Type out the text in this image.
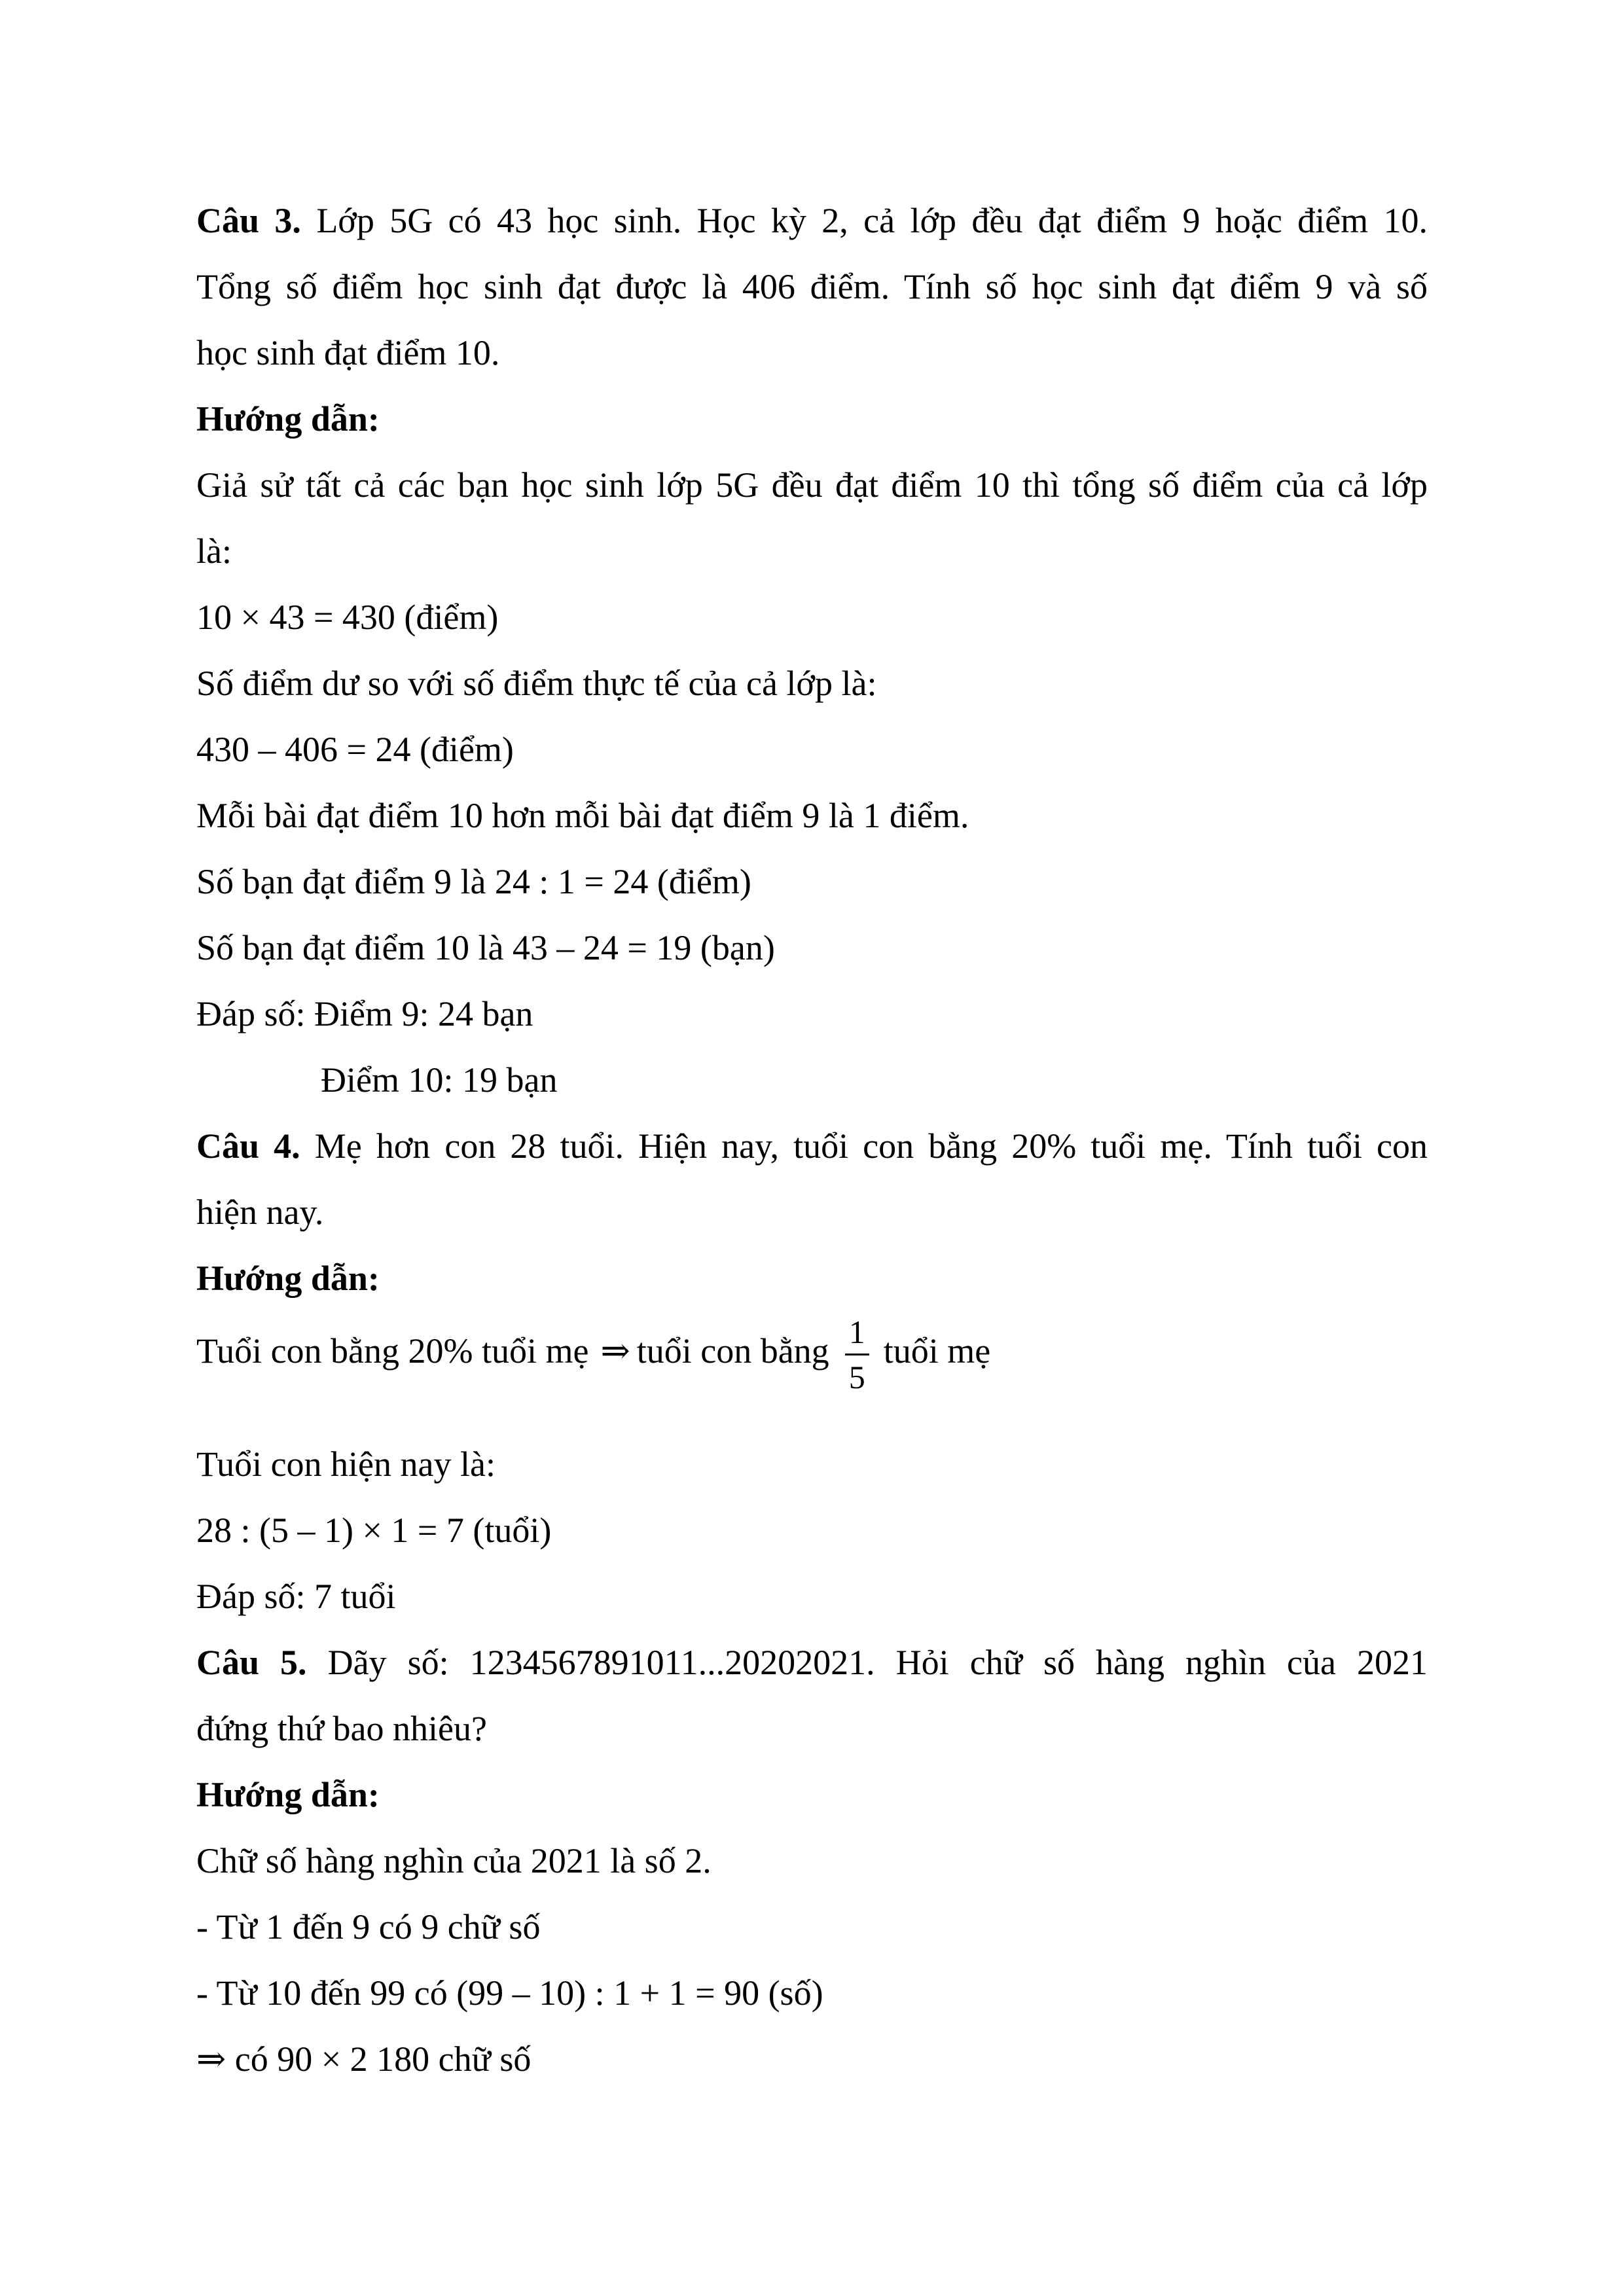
Câu 3. Lớp 5G có 43 học sinh. Học kỳ 2, cả lớp đều đạt điểm 9 hoặc điểm 10.
Tổng số điểm học sinh đạt được là 406 điểm. Tính số học sinh đạt điểm 9 và số
học sinh đạt điểm 10.
Hướng dẫn:
Giả sử tất cả các bạn học sinh lớp 5G đều đạt điểm 10 thì tổng số điểm của cả lớp
là:
10 × 43 = 430 (điểm)
Số điểm dư so với số điểm thực tế của cả lớp là:
430 – 406 = 24 (điểm)
Mỗi bài đạt điểm 10 hơn mỗi bài đạt điểm 9 là 1 điểm.
Số bạn đạt điểm 9 là 24 : 1 = 24 (điểm)
Số bạn đạt điểm 10 là 43 – 24 = 19 (bạn)
Đáp số: Điểm 9: 24 bạn
Điểm 10: 19 bạn
Câu 4. Mẹ hơn con 28 tuổi. Hiện nay, tuổi con bằng 20% tuổi mẹ. Tính tuổi con
hiện nay.
Hướng dẫn:
Tuổi con bằng 20% tuổi mẹ ⇒ tuổi con bằng $\frac{1}{5}$ tuổi mẹ
Tuổi con hiện nay là:
28 : (5 – 1) × 1 = 7 (tuổi)
Đáp số: 7 tuổi
Câu 5. Dãy số: 1234567891011...20202021. Hỏi chữ số hàng nghìn của 2021
đứng thứ bao nhiêu?
Hướng dẫn:
Chữ số hàng nghìn của 2021 là số 2.
- Từ 1 đến 9 có 9 chữ số
- Từ 10 đến 99 có (99 – 10) : 1 + 1 = 90 (số)
⇒ có 90 × 2 180 chữ số
